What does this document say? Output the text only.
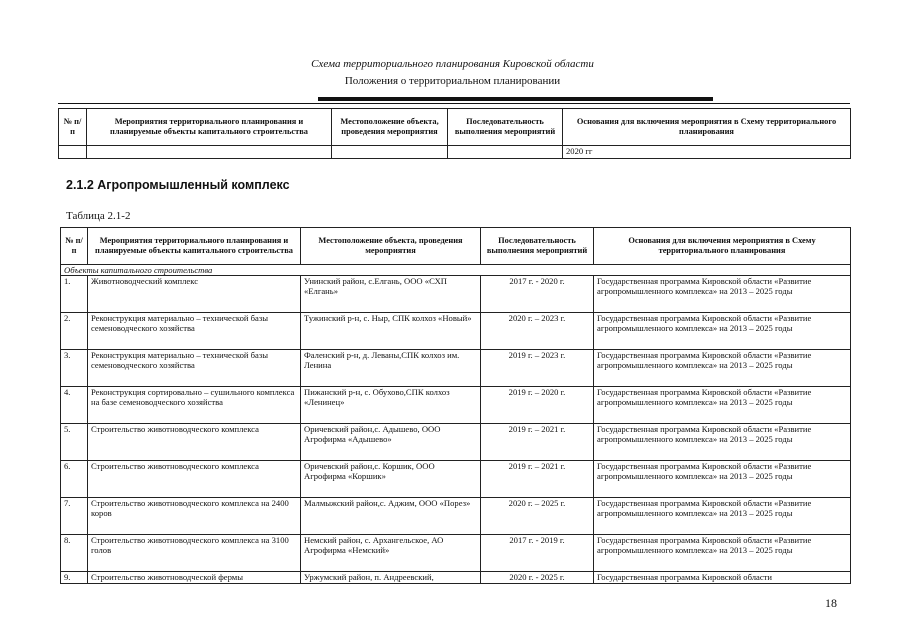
Схема территориального планирования Кировской области
Положения о территориальном планировании
№ п/п	Мероприятия территориального планирования и планируемые объекты капитального строительства	Местоположение объекта, проведения мероприятия	Последовательность выполнения мероприятий	Основания для включения мероприятия в Схему территориального планирования
				2020 гг
2.1.2 Агропромышленный комплекс
Таблица 2.1-2
№ п/п	Мероприятия территориального планирования и планируемые объекты капитального строительства	Местоположение объекта, проведения мероприятия	Последовательность выполнения мероприятий	Основания для включения мероприятия в Схему территориального планирования
Объекты капитального строительства				
1.	Животноводческий комплекс	Унинский район, с.Елгань, ООО «СХП «Елгань»	2017 г. - 2020 г.	Государственная программа Кировской области «Развитие агропромышленного комплекса» на 2013 – 2025 годы
2.	Реконструкция материально – технической базы семеноводческого хозяйства	Тужинский р-н, с. Ныр, СПК колхоз «Новый»	2020 г. – 2023 г.	Государственная программа Кировской области «Развитие агропромышленного комплекса» на 2013 – 2025 годы
3.	Реконструкция материально – технической базы семеноводческого хозяйства	Фаленский р-н, д. Леваны,СПК колхоз им. Ленина	2019 г. – 2023 г.	Государственная программа Кировской области «Развитие агропромышленного комплекса» на 2013 – 2025 годы
4.	Реконструкция сортировально – сушильного комплекса на базе семеноводческого хозяйства	Пижанский р-н, с. Обухово,СПК колхоз «Ленинец»	2019 г. – 2020 г.	Государственная программа Кировской области «Развитие агропромышленного комплекса» на 2013 – 2025 годы
5.	Строительство животноводческого комплекса	Оричевский район,с. Адышево, ООО Агрофирма «Адышево»	2019 г. – 2021 г.	Государственная программа Кировской области «Развитие агропромышленного комплекса» на 2013 – 2025 годы
6.	Строительство животноводческого комплекса	Оричевский район,с. Коршик, ООО Агрофирма «Коршик»	2019 г. – 2021 г.	Государственная программа Кировской области «Развитие агропромышленного комплекса» на 2013 – 2025 годы
7.	Строительство животноводческого комплекса на 2400 коров	Малмыжский район,с. Аджим, ООО «Порез»	2020 г. – 2025 г.	Государственная программа Кировской области «Развитие агропромышленного комплекса» на 2013 – 2025 годы
8.	Строительство животноводческого комплекса на 3100 голов	Немский район, с. Архангельское, АО Агрофирма «Немский»	2017 г. - 2019 г.	Государственная программа Кировской области «Развитие агропромышленного комплекса» на 2013 – 2025 годы
9.	Строительство животноводческой фермы	Уржумский район, п. Андреевский,	2020 г. - 2025 г.	Государственная программа Кировской области
18
